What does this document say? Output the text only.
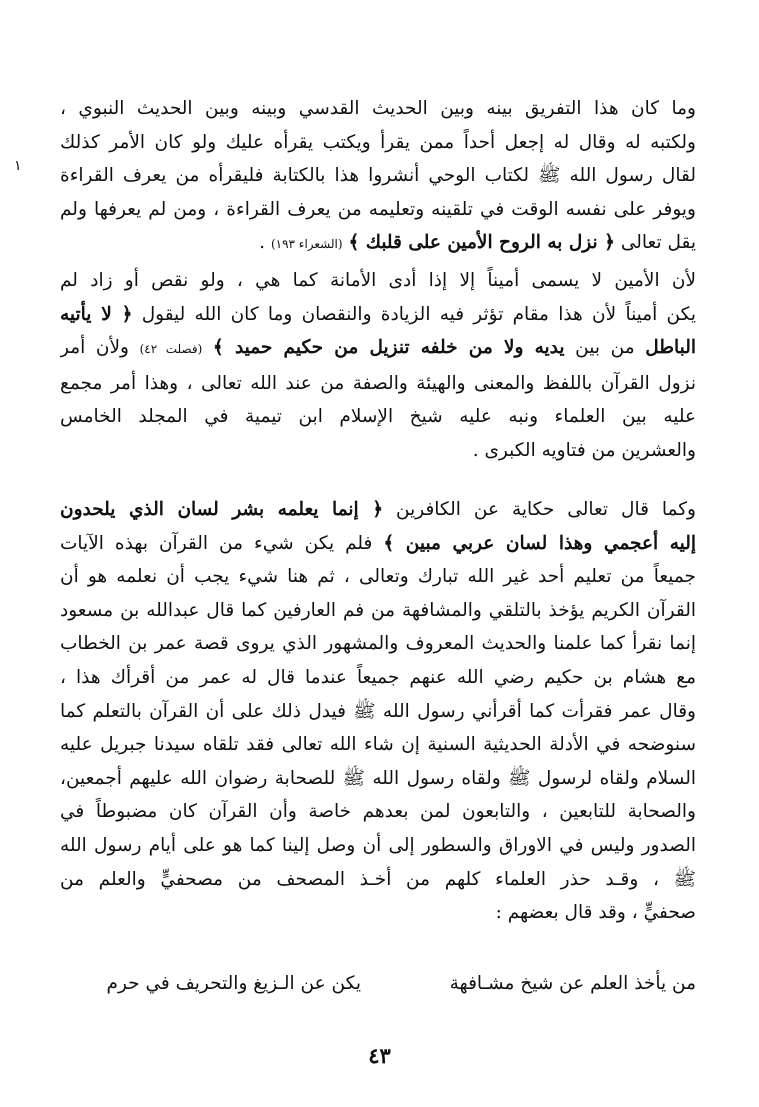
١
وما كان هذا التفريق بينه وبين الحديث القدسي وبينه وبين الحديث النبوي ،
ولكتبه له وقال له إجعل أحداً ممن يقرأ ويكتب يقرأه عليك ولو كان الأمر كذلك
لقال رسول الله ﷺ لكتاب الوحي أنشروا هذا بالكتابة فليقرأه من يعرف القراءة
ويوفر على نفسه الوقت في تلقينه وتعليمه من يعرف القراءة ، ومن لم يعرفها ولم
يقل تعالى ﴿ نزل به الروح الأمين على قلبك ﴾ (الشعراء ١٩٣) .
لأن الأمين لا يسمى أميناً إلا إذا أدى الأمانة كما هي ، ولو نقص أو زاد لم
يكن أميناً لأن هذا مقام تؤثر فيه الزيادة والنقصان وما كان الله ليقول ﴿ لا يأتيه
الباطل من بين يديه ولا من خلفه تنزيل من حكيم حميد ﴾ (فصلت ٤٢) ولأن أمر
نزول القرآن باللفظ والمعنى والهيئة والصفة من عند الله تعالى ، وهذا أمر مجمع
عليه بين العلماء ونبه عليه شيخ الإسلام ابن تيمية في المجلد الخامس
والعشرين من فتاويه الكبرى .
وكما قال تعالى حكاية عن الكافرين ﴿ إنما يعلمه بشر لسان الذي يلحدون
إليه أعجمي وهذا لسان عربي مبين ﴾ فلم يكن شيء من القرآن بهذه الآيات
جميعاً من تعليم أحد غير الله تبارك وتعالى ، ثم هنا شيء يجب أن نعلمه هو أن
القرآن الكريم يؤخذ بالتلقي والمشافهة من فم العارفين كما قال عبدالله بن مسعود
إنما نقرأ كما علمنا والحديث المعروف والمشهور الذي يروى قصة عمر بن الخطاب
مع هشام بن حكيم رضي الله عنهم جميعاً عندما قال له عمر من أقرأك هذا ،
وقال عمر فقرأت كما أقرأني رسول الله ﷺ فيدل ذلك على أن القرآن بالتعلم كما
سنوضحه في الأدلة الحديثية السنية إن شاء الله تعالى فقد تلقاه سيدنا جبريل عليه
السلام ولقاه لرسول ﷺ ولقاه رسول الله ﷺ للصحابة رضوان الله عليهم أجمعين،
والصحابة للتابعين ، والتابعون لمن بعدهم خاصة وأن القرآن كان مضبوطاً في
الصدور وليس في الاوراق والسطور إلى أن وصل إلينا كما هو على أيام رسول الله
ﷺ ، وقـد حذر العلماء كلهم من أخـذ المصحف من مصحفيٍّ والعلم من
صحفيٍّ ، وقد قال بعضهم :
من يأخذ العلم عن شيخ مشـافهة
يكن عن الـزيغ والتحريف في حرم
٤٣
